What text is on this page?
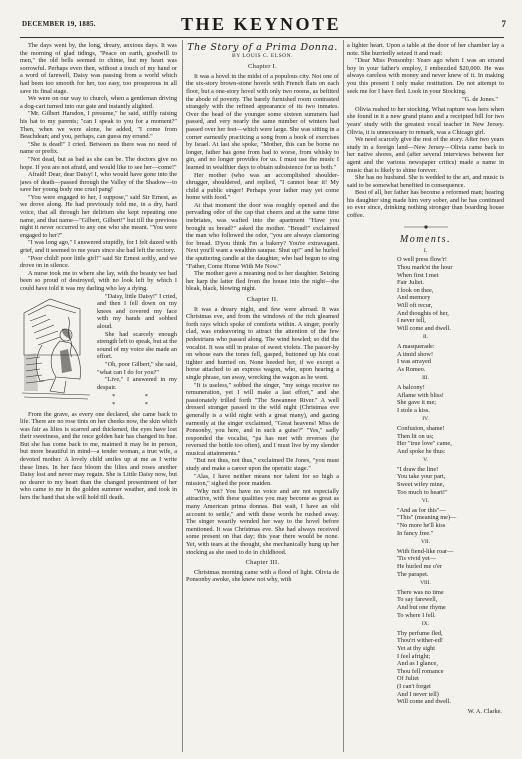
DECEMBER 19, 1885.	THE KEYNOTE	7

The days went by, the long, dreary, anxious days. It was the morning of glad tidings, "Peace on earth, goodwill to men," the old bells seemed to chime, but my heart was sorrowful. Perhaps even then, without a touch of my hand or a word of farewell, Daisy was passing from a world which had been too smooth for her, too easy, too prosperous in all save its final stage.

We were on our way to church, when a gentleman driving a dog-cart turned into our gate and instantly alighted.

"Mr. Gilbert Harsdon, I presume," he said, stiffly raising his hat to my parents; "can I speak to you for a moment?" Then, when we were alone, he added, "I come from Beachdean; and you, perhaps, can guess my errand."

"She is dead!" I cried. Between us there was no need of name or prefix.

"Not dead, but as bad as she can be. The doctors give no hope. If you are not afraid, and would like to see her—come!"

Afraid! Dear, dear Daisy! I, who would have gone into the jaws of death—passed through the Valley of the Shadow—to save her young body one cruel pang!

"You were engaged to her, I suppose," said Sir Ernest, as we drove along. He had previously told me, in a dry, hard voice, that all through her delirium she kept repeating one name, and that name—"Gilbert, Gilbert!" but till the previous night it never occurred to any one who she meant. "You were engaged to her?"

"I was long ago," I answered stupidly, for I felt dazed with grief, and it seemed to me years since she had left the rectory.

"Poor child! poor little girl!" said Sir Ernest softly, and we drove on in silence.

A nurse took me to where she lay, with the beauty we had been so proud of destroyed, with no look left by which I could have told it was my darling who lay a dying.

"Daisy, little Daisy!" I cried, and then I fell down on my knees and covered my face with my hands and sobbed aloud.

She had scarcely enough strength left to speak, but at the sound of my voice she made an effort.

"Oh, poor Gilbert," she said, "what can I do for you?"

"Live," I answered in my despair.

* * * *

From the grave, as every one declared, she came back to life. There are no rose tints on her cheeks now, the skin which was fair as lilies is scarred and thickened, the eyes have lost their sweetness, and the once golden hair has changed its hue. But she has come back to me, maimed it may be in person, but more beautiful in mind—a tender woman, a true wife, a devoted mother. A lovely child smiles up at me as I write these lines. In her face bloom the lilies and roses another Daisy lost and never may regain. She is Little Daisy now, but no dearer to my heart than the changed presentment of her who came to me in the golden summer weather, and took in hers the hand that she will hold till death.

The Story of a Prima Donna.
BY LOUIS C. ELSON.
Chapter I.

It was a hovel in the midst of a populous city. Not one of the six-story brown-stone hovels with French flats on each floor, but a one-story hovel with only two rooms, as befitted the abode of poverty. The barely furnished room contrasted strangely with the refined appearance of its two inmates. Over the head of the younger some sixteen summers had passed, and very nearly the same number of winters had passed over her feet—which were large. She was sitting in a corner earnestly practicing a song from a book of exercises by Israel. At last she spoke, "Mother, this can be borne no longer, father has gone from bad to worse, from whisky to gin, and no longer provides for us. I must use the music I learned in wealthier days to obtain subsistence for us both."

Her mother (who was an accomplished shoulder-shrugger, shouldered, and replied, "I cannot bear it! My child a public singer! Perhaps your father may yet come home with food."

At that moment the door was roughly opened and the pervading odor of the cap that cheers and at the same time inebriates, was wafted into the apartment "Have you brought us bread?" asked the mother. "Bread!" exclaimed the man who followed the odor, "you are always clamoring for bread. D'you think I'm a bakery? You're extravagant. Next you'll want a wealthin sauque. Shut up!" and he hurled the sputtering candle at the daughter, who had begun to sing "Father, Come Home With Me Now."

The mother gave a meaning nod to her daughter. Seizing her harp the latter fled from the house into the night—the bleak, black, blowing night.

Chapter II.

It was a dreary night, and few were abroad. It was Christmas eve, and from the windows of the rich gleamed forth rays which spoke of comforts within. A singer, poorly clad, was endeavoring to attract the attention of the few pedestrians who passed along. The wind howled; so did the vocalist. It was still in praise of sweet violets. The passer-by on whose ears the tones fell, gasped, buttoned up his coat tighter and hurried on. None heeded her, if we except a horse attached to an express wagon, who, upon hearing a single phrase, ran away, wrecking the wagon as he went.

"It is useless," sobbed the singer, "my songs receive no remuneration, yet I will make a last effort," and she passionately trilled forth "The Suwannee River." A well dressed stranger passed in the wild night (Christmas eve generally is a wild night with a great many), and gazing earnestly at the singer exclaimed, "Great heavens! Miss de Ponsonby, you here, and in such a guise?" "Yes," sadly responded the vocalist, "pa has met with reverses (he reversed the bottle too often), and I must live by my slender musical attainments."

"But not thus, not thus," exclaimed De Jones, "you must study and make a career upon the operatic stage."

"Alas, I have neither means nor talent for so high a mission," sighed the poor maiden.

"Why not? You have no voice and are not especially attractive, with these qualities you may become as great as many American prima donnas. But wait, I have an old account to settle," and with these words he rushed away. The singer wearily wended her way to the hovel before mentioned. It was Christmas eve. She had always received some present on that day; this year there would be none. Yet, with tears at the thought, she mechanically hung up her stocking as she used to do in childhood.

Chapter III.

Christmas morning came with a flood of light. Olivia de Ponsonby awoke, she knew not why, with

a lighter heart. Upon a table at the door of her chamber lay a note. She hurriedly seized it and read:

"Dear Miss Ponsonby: Years ago when I was an errand boy in your father's employ, I embezzled $20,000. He was always careless with money and never knew of it. In making you this present I only make restitution. Do not attempt to seek me for I have fled. Look in your Stocking.

"G. de Jones."

Olivia rushed to her stocking. What rapture was hers when she found in it a new grand piano and a receipted bill for two years' study with the greatest vocal teacher in New Jersey. Olivia, it is unnecessary to remark, was a Chicago girl.

We need scarcely give the rest of the story. After two years study in a foreign land—New Jersey—Olivia came back to her native shores, and (after several interviews between her agent and the various newspaper critics) made a name in music that is likely to shine forever.

She has no husband. She is wedded to the art, and music is said to be somewhat benefited in consequence.

Best of all, her father has become a reformed man; hearing his daughter sing made him very sober, and he has continued so ever since, drinking nothing stronger than boarding house coffee.

Moments.
I.
O well press flow'r!
Thou mark'st the hour
When first I met
Fair Juliet.
I look on thee,
And memory
Will oft recur,
And thoughts of her,
I never tell,
Will come and dwell.
II.
A masquerade:
A timid show!
I was arrayed
As Romeo.
III.
A balcony!
Aflame with bliss!
She gave it me;
I stole a kiss.
IV.
Confusion, shame!
Then lit on us;
Her "true love" came,
And spoke he thus:
V.
"I draw the line!
You take your part,
Sweet wifey mine,
Too much to heart!"
VI.
"And as for this"—
"This" (meaning me)—
"No more he'll kiss
In fancy free."
VII.
With fiend-like roar—
'Tis vivid yet—
He hurled me o'er
The parapet.
VIII.
There was no time
To say farewell,
And but one rhyme
To where I fell.
IX.
Thy perfume fled,
Thou'rt wither-ed!
Yet at thy sight
I feel afright;
And as I glance,
Thou fell romance
Of Juliet
(I can't forget
And I never tell)
Will come and dwell.
W. A. Clarke.
